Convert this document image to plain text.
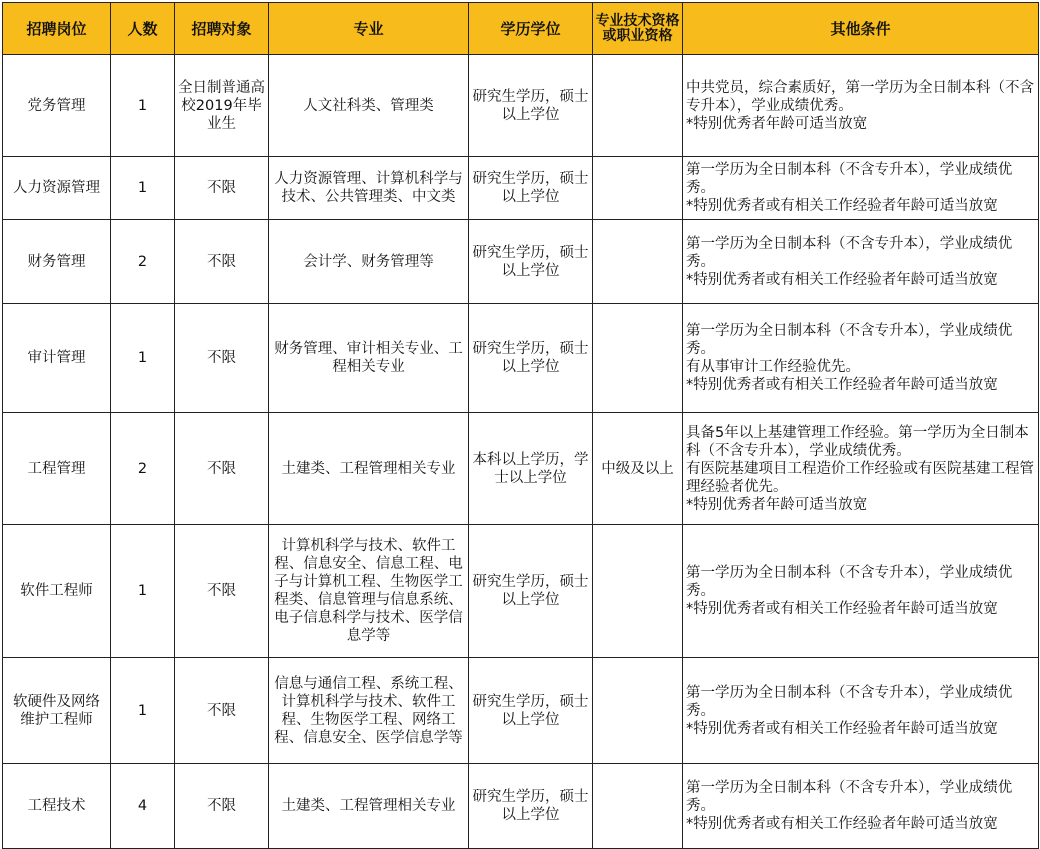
招聘岗位	人数	招聘对象	专业	学历学位	专业技术资格或职业资格	其他条件
党务管理	1	全日制普通高校2019年毕业生	人文社科类、管理类	研究生学历，硕士以上学位		中共党员，综合素质好，第一学历为全日制本科（不含专升本），学业成绩优秀。
*特别优秀者年龄可适当放宽

人力资源管理	1	不限	人力资源管理、计算机科学与技术、公共管理类、中文类	研究生学历，硕士以上学位		第一学历为全日制本科（不含专升本），学业成绩优秀。
*特别优秀者或有相关工作经验者年龄可适当放宽

财务管理	2	不限	会计学、财务管理等	研究生学历，硕士以上学位		第一学历为全日制本科（不含专升本），学业成绩优秀。
*特别优秀者或有相关工作经验者年龄可适当放宽

审计管理	1	不限	财务管理、审计相关专业、工程相关专业	研究生学历，硕士以上学位		第一学历为全日制本科（不含专升本），学业成绩优秀。
有从事审计工作经验优先。
*特别优秀者或有相关工作经验者年龄可适当放宽

工程管理	2	不限	土建类、工程管理相关专业	本科以上学历，学士以上学位	中级及以上	具备5年以上基建管理工作经验。第一学历为全日制本科（不含专升本），学业成绩优秀。
有医院基建项目工程造价工作经验或有医院基建工程管理经验者优先。
*特别优秀者年龄可适当放宽

软件工程师	1	不限	计算机科学与技术、软件工程、信息安全、信息工程、电子与计算机工程、生物医学工程类、信息管理与信息系统、电子信息科学与技术、医学信息学等	研究生学历，硕士以上学位		第一学历为全日制本科（不含专升本），学业成绩优秀。
*特别优秀者或有相关工作经验者年龄可适当放宽

软硬件及网络维护工程师	1	不限	信息与通信工程、系统工程、计算机科学与技术、软件工程、生物医学工程、网络工程、信息安全、医学信息学等	研究生学历，硕士以上学位		第一学历为全日制本科（不含专升本），学业成绩优秀。
*特别优秀者或有相关工作经验者年龄可适当放宽

工程技术	4	不限	土建类、工程管理相关专业	研究生学历，硕士以上学位		第一学历为全日制本科（不含专升本），学业成绩优秀。
*特别优秀者或有相关工作经验者年龄可适当放宽
